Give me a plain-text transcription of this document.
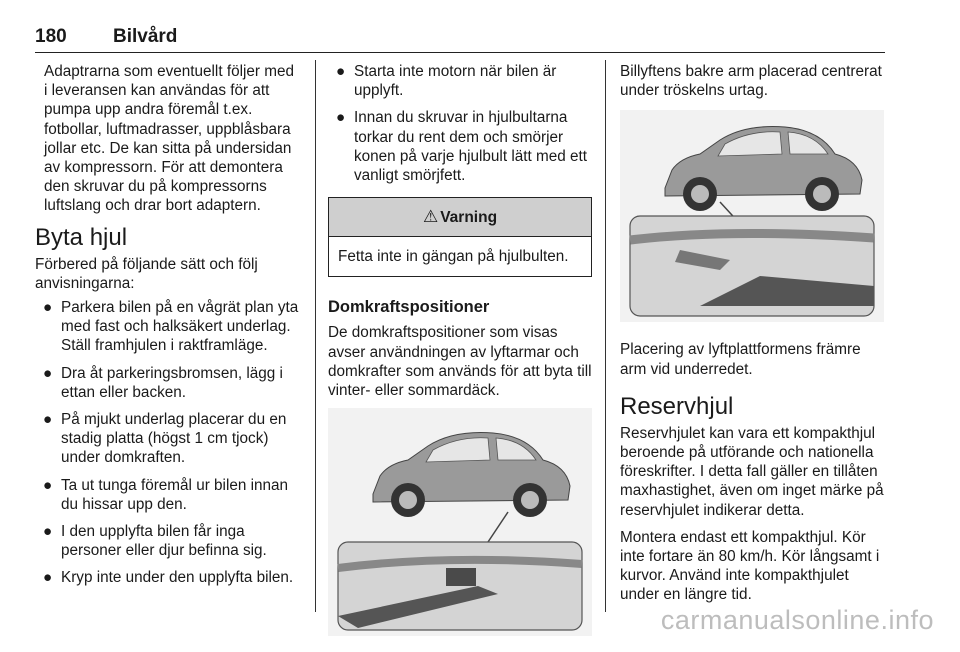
180 Bilvård

Adaptrarna som eventuellt följer med i leveransen kan användas för att pumpa upp andra föremål t.ex. fotbollar, luftmadrasser, uppblåsbara jollar etc. De kan sitta på undersidan av kompressorn. För att demontera den skruvar du på kompressorns luftslang och drar bort adaptern.

Byta hjul

Förbered på följande sätt och följ anvisningarna:

● Parkera bilen på en vågrät plan yta med fast och halksäkert underlag. Ställ framhjulen i raktframläge.
● Dra åt parkeringsbromsen, lägg i ettan eller backen.
● På mjukt underlag placerar du en stadig platta (högst 1 cm tjock) under domkraften.
● Ta ut tunga föremål ur bilen innan du hissar upp den.
● I den upplyfta bilen får inga personer eller djur befinna sig.
● Kryp inte under den upplyfta bilen.
● Starta inte motorn när bilen är upplyft.
● Innan du skruvar in hjulbultarna torkar du rent dem och smörjer konen på varje hjulbult lätt med ett vanligt smörjfett.
⚠ Varning
Fetta inte in gängan på hjulbulten.
Domkraftspositioner

De domkraftspositioner som visas avser användningen av lyftarmar och domkrafter som används för att byta till vinter- eller sommardäck.

Billyftens bakre arm placerad centrerat under tröskelns urtag.

Placering av lyftplattformens främre arm vid underredet.

Reservhjul

Reservhjulet kan vara ett kompakthjul beroende på utförande och nationella föreskrifter. I detta fall gäller en tillåten maxhastighet, även om inget märke på reservhjulet indikerar detta.

Montera endast ett kompakthjul. Kör inte fortare än 80 km/h. Kör långsamt i kurvor. Använd inte kompakthjulet under en längre tid.

carmanualsonline.info
